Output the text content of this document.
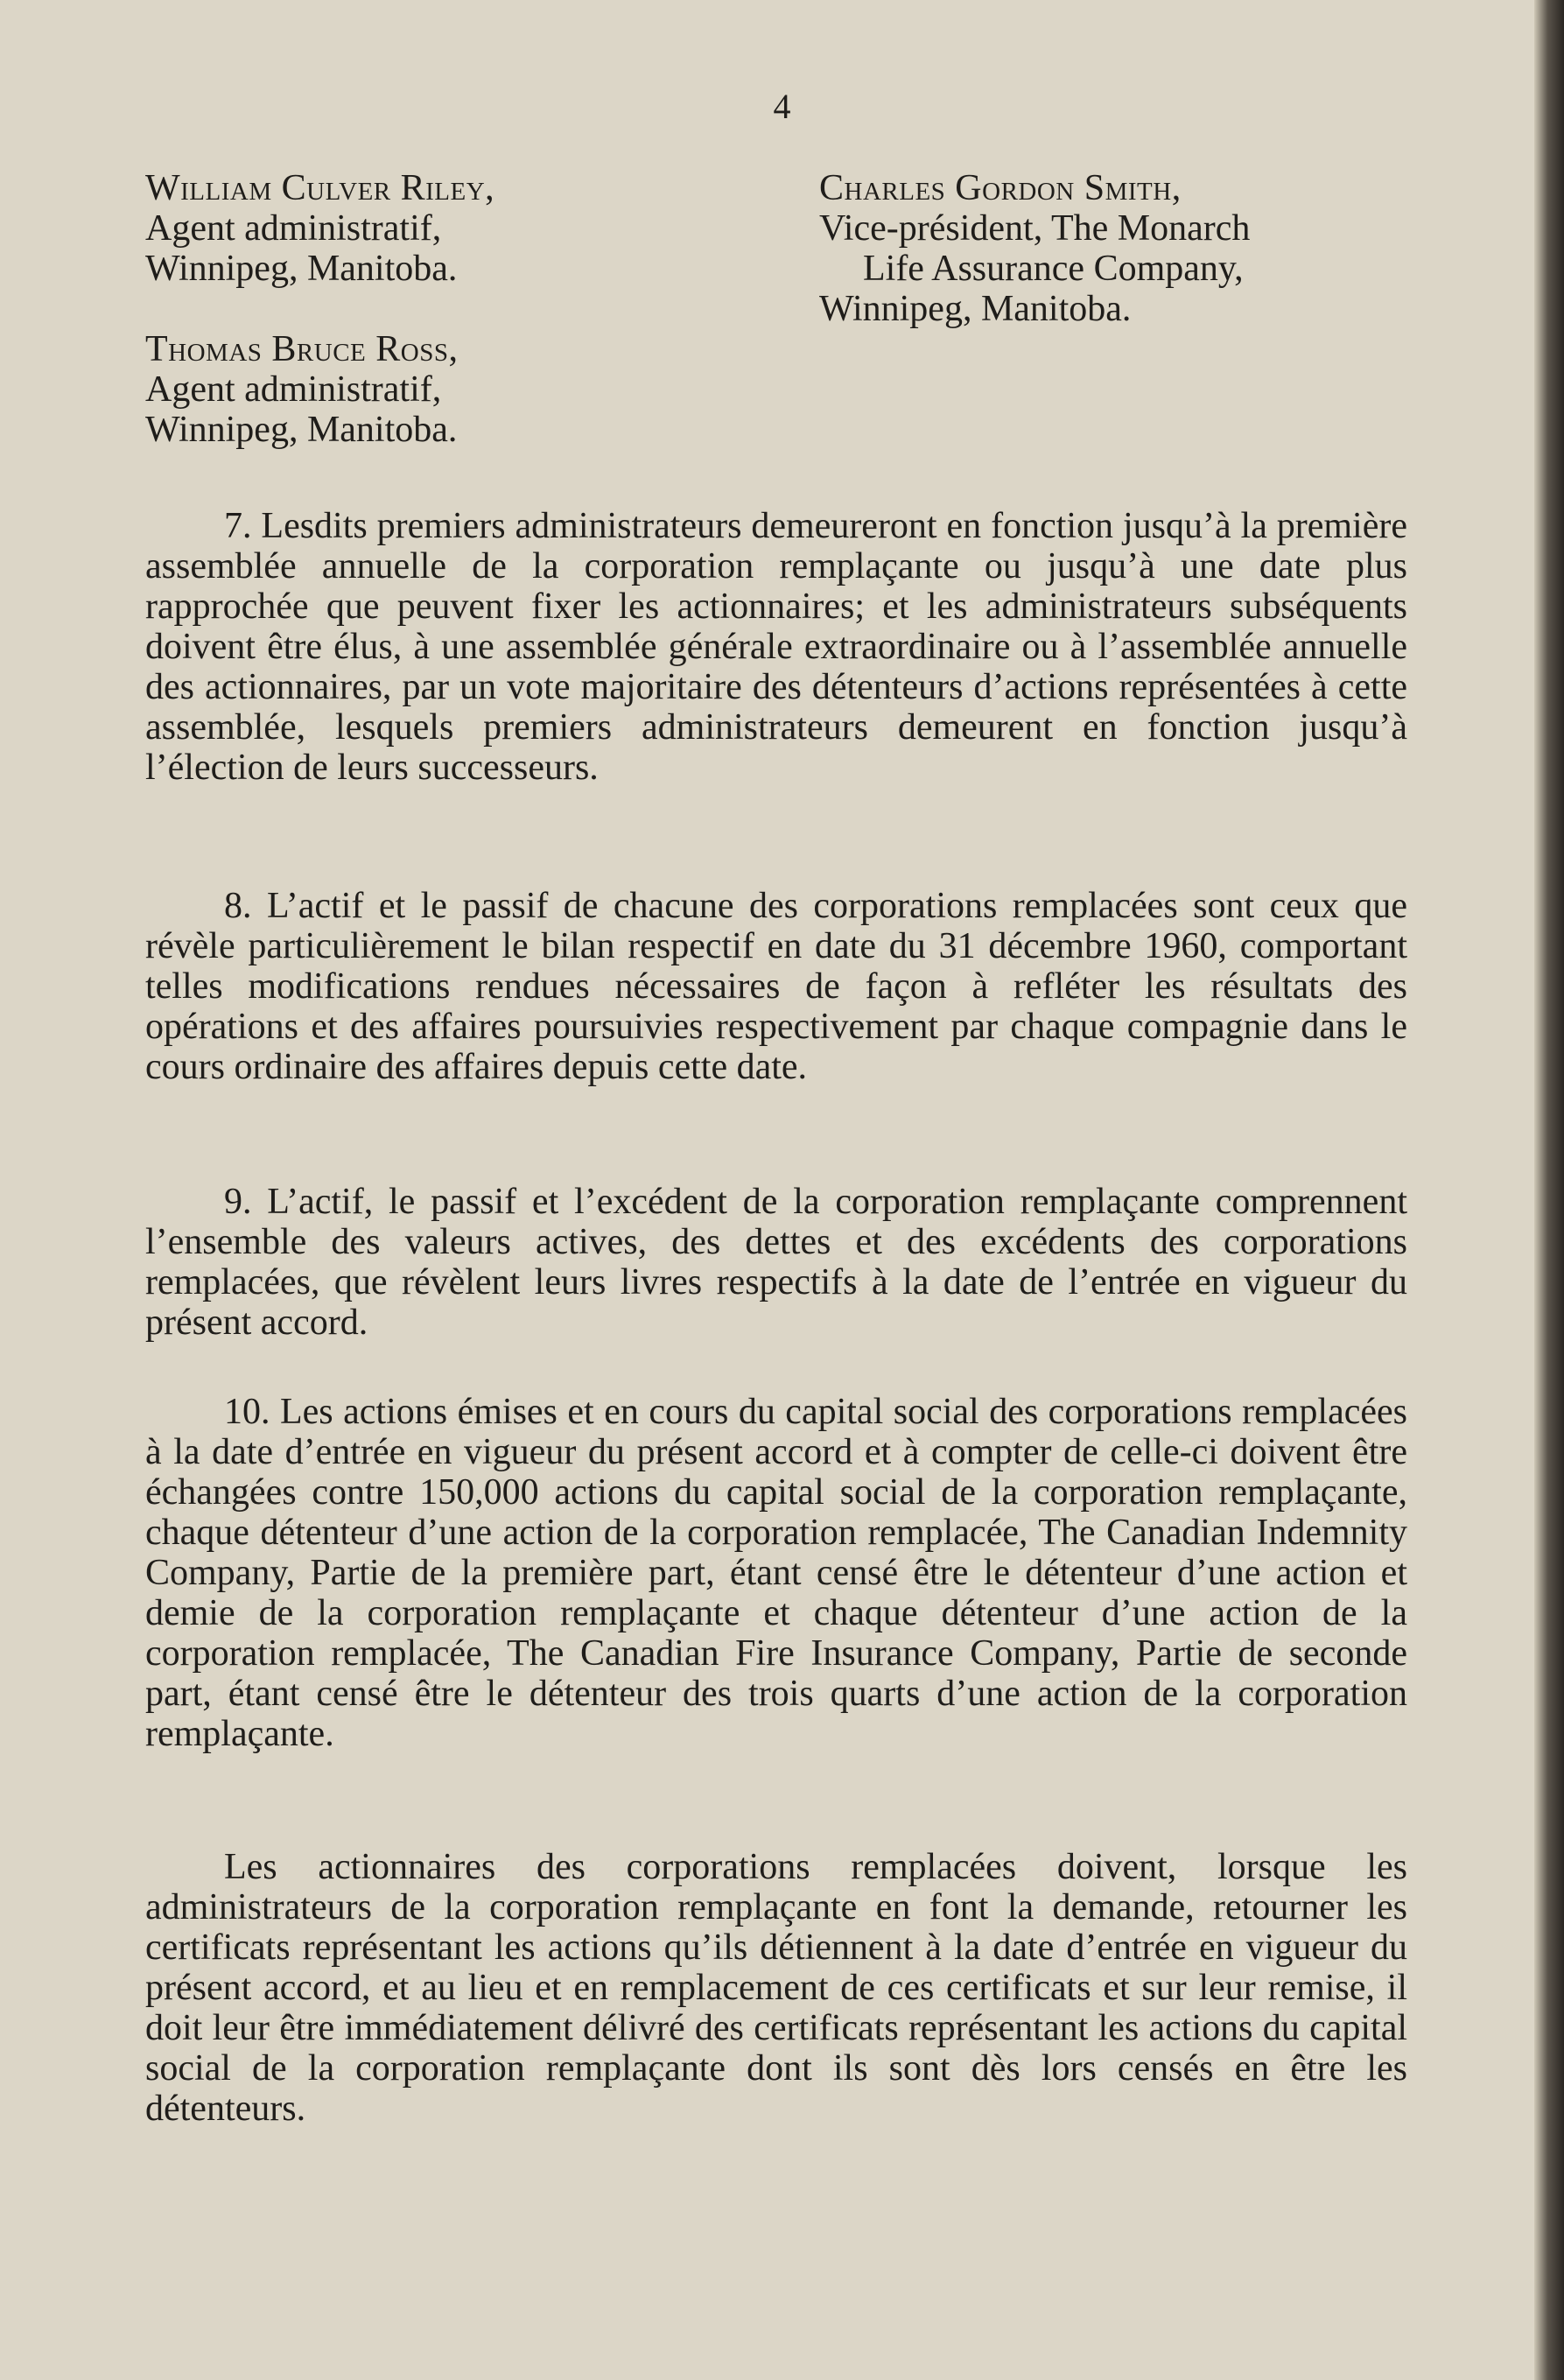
4
William Culver Riley,
Agent administratif,
Winnipeg, Manitoba.
Thomas Bruce Ross,
Agent administratif,
Winnipeg, Manitoba.
Charles Gordon Smith,
Vice-président, The Monarch
Life Assurance Company,
Winnipeg, Manitoba.

7. Lesdits premiers administrateurs demeureront en fonction jusqu’à la première assemblée annuelle de la corporation remplaçante ou jusqu’à une date plus rapprochée que peuvent fixer les actionnaires; et les administrateurs subséquents doivent être élus, à une assemblée générale extraordinaire ou à l’assemblée annuelle des actionnaires, par un vote majoritaire des détenteurs d’actions représentées à cette assemblée, lesquels premiers administrateurs demeurent en fonction jusqu’à l’élection de leurs successeurs.

8. L’actif et le passif de chacune des corporations remplacées sont ceux que révèle particulièrement le bilan respectif en date du 31 décembre 1960, comportant telles modifications rendues nécessaires de façon à refléter les résultats des opérations et des affaires poursuivies respectivement par chaque compagnie dans le cours ordinaire des affaires depuis cette date.

9. L’actif, le passif et l’excédent de la corporation remplaçante comprennent l’ensemble des valeurs actives, des dettes et des excédents des corporations remplacées, que révèlent leurs livres respectifs à la date de l’entrée en vigueur du présent accord.

10. Les actions émises et en cours du capital social des corporations remplacées à la date d’entrée en vigueur du présent accord et à compter de celle-ci doivent être échangées contre 150,000 actions du capital social de la corporation remplaçante, chaque détenteur d’une action de la corporation remplacée, The Canadian Indemnity Company, Partie de la première part, étant censé être le détenteur d’une action et demie de la corporation remplaçante et chaque détenteur d’une action de la corporation remplacée, The Canadian Fire Insurance Company, Partie de seconde part, étant censé être le détenteur des trois quarts d’une action de la corporation remplaçante.

Les actionnaires des corporations remplacées doivent, lorsque les administrateurs de la corporation remplaçante en font la demande, retourner les certificats représentant les actions qu’ils détiennent à la date d’entrée en vigueur du présent accord, et au lieu et en remplacement de ces certificats et sur leur remise, il doit leur être immédiatement délivré des certificats représentant les actions du capital social de la corporation remplaçante dont ils sont dès lors censés en être les détenteurs.
